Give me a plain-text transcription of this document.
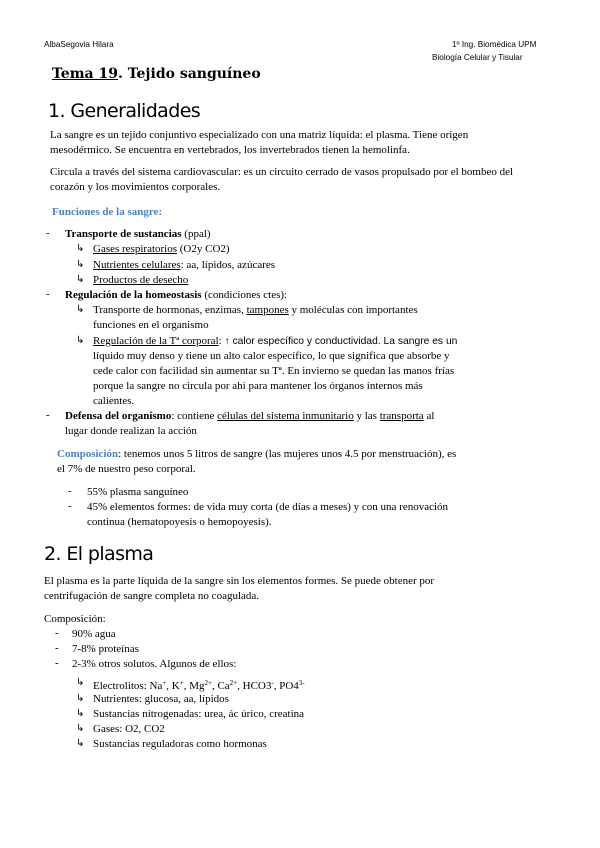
AlbaSegovia Hilara	1º Ing. Biomédica UPM
Biología Celular y Tisular
Tema 19. Tejido sanguíneo
1. Generalidades
La sangre es un tejido conjuntivo especializado con una matriz líquida: el plasma. Tiene origen
mesodérmico. Se encuentra en vertebrados, los invertebrados tienen la hemolinfa.
Circula a través del sistema cardiovascular: es un circuito cerrado de vasos propulsado por el bombeo del
corazón y los movimientos corporales.
Funciones de la sangre:
- Transporte de sustancias (ppal)
↳ Gases respiratorios (O2y CO2)
↳ Nutrientes celulares: aa, lípidos, azúcares
↳ Productos de desecho
- Regulación de la homeostasis (condiciones ctes):
↳ Transporte de hormonas, enzimas, tampones y moléculas con importantes
funciones en el organismo
↳ Regulación de la Tª corporal: ↑ calor específico y conductividad. La sangre es un
líquido muy denso y tiene un alto calor específico, lo que significa que absorbe y
cede calor con facilidad sin aumentar su Tª. En invierno se quedan las manos frías
porque la sangre no circula por ahí para mantener los órganos internos más
calientes.
- Defensa del organismo: contiene células del sistema inmunitario y las transporta al
lugar donde realizan la acción
Composición: tenemos unos 5 litros de sangre (las mujeres unos 4.5 por menstruación), es
el 7% de nuestro peso corporal.
- 55% plasma sanguíneo
- 45% elementos formes: de vida muy corta (de días a meses) y con una renovación
continua (hematopoyesis o hemopoyesis).
2. El plasma
El plasma es la parte líquida de la sangre sin los elementos formes. Se puede obtener por
centrifugación de sangre completa no coagulada.
Composición:
- 90% agua
- 7-8% proteínas
- 2-3% otros solutos. Algunos de ellos:
↳ Electrolitos: Na+, K+, $Mg^{2+}$, $Ca^{2+}$, HCO3-, $PO4^{3-}$
↳ Nutrientes: glucosa, aa, lípidos
↳ Sustancias nitrogenadas: urea, ác úrico, creatina
↳ Gases: O2, CO2
↳ Sustancias reguladoras como hormonas
